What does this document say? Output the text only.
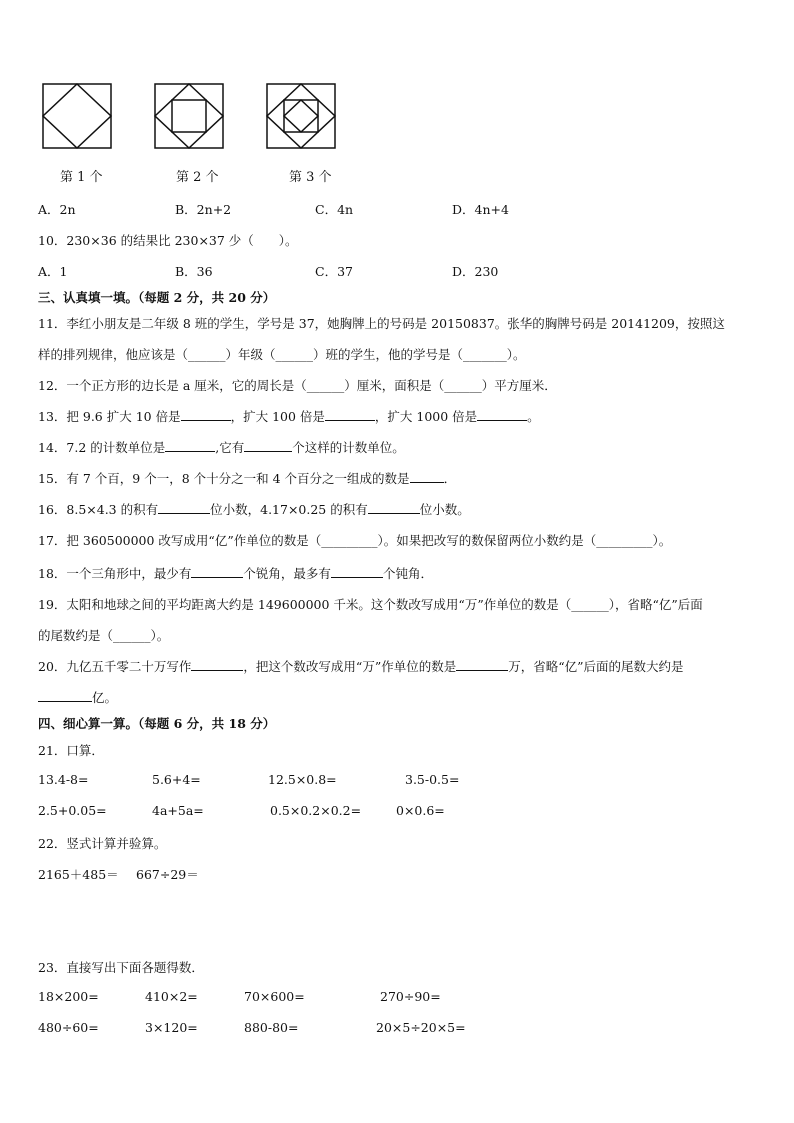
第 1 个	第 2 个	第 3 个
A．2n	B．2n+2	C．4n	D．4n+4
10．230×36 的结果比 230×37 少（　　）。
A．1	B．36	C．37	D．230
三、认真填一填。（每题 2 分，共 20 分）
11．李红小朋友是二年级 8 班的学生，学号是 37，她胸牌上的号码是 20150837。张华的胸牌号码是 20141209，按照这
样的排列规律，他应该是（______）年级（______）班的学生，他的学号是（_______）。
12．一个正方形的边长是 a 厘米，它的周长是（______）厘米，面积是（______）平方厘米．
13．把 9.6 扩大 10 倍是	，扩大 100 倍是	，扩大 1000 倍是	。
14．7.2 的计数单位是	,它有	个这样的计数单位。
15．有 7 个百，9 个一，8 个十分之一和 4 个百分之一组成的数是	．
16．8.5×4.3 的积有	位小数，4.17×0.25 的积有	位小数。
17．把 360500000 改写成用“亿”作单位的数是（_________）。如果把改写的数保留两位小数约是（_________）。
18．一个三角形中，最少有	个锐角，最多有	个钝角．
19．太阳和地球之间的平均距离大约是 149600000 千米。这个数改写成用“万”作单位的数是（______），省略“亿”后面
的尾数约是（______）。
20．九亿五千零二十万写作	，把这个数改写成用“万”作单位的数是	万，省略“亿”后面的尾数大约是
亿。
四、细心算一算。（每题 6 分，共 18 分）
21．口算．
13.4-8=	5.6+4=	12.5×0.8=	3.5-0.5=
2.5+0.05=	4a+5a=	0.5×0.2×0.2=	0×0.6=
22．竖式计算并验算。
2165＋485＝ 667÷29＝
23．直接写出下面各题得数．
18×200=	410×2=	70×600=	270÷90=
480÷60=	3×120=	880-80=	20×5÷20×5=
